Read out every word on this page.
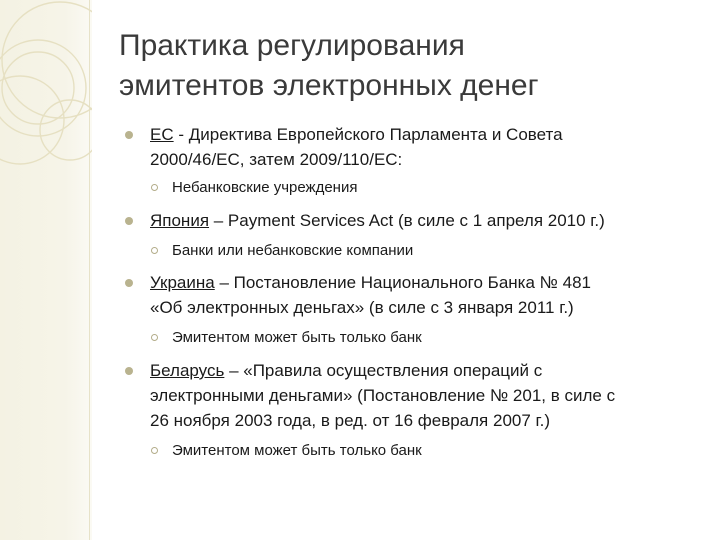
Практика регулирования
эмитентов электронных денег
ЕС - Директива Европейского Парламента и Совета
2000/46/ЕС, затем 2009/110/ЕС:
Небанковские учреждения
Япония – Payment Services Act (в силе с 1 апреля 2010 г.)
Банки или небанковские компании
Украина – Постановление Национального Банка № 481
«Об электронных деньгах» (в силе с 3 января 2011 г.)
Эмитентом может быть только банк
Беларусь – «Правила осуществления операций с
электронными деньгами» (Постановление № 201, в силе с
26 ноября 2003 года, в ред. от 16 февраля 2007 г.)
Эмитентом может быть только банк
